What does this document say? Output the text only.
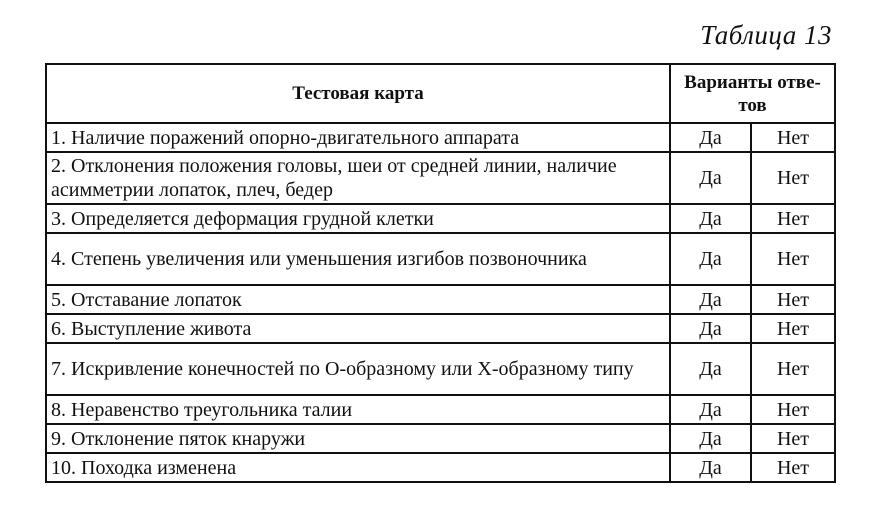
Таблица 13
Тестовая карта	Варианты отве-тов	
1. Наличие поражений опорно-двигательного аппарата	Да	Нет
2. Отклонения положения головы, шеи от средней линии, наличие асимметрии лопаток, плеч, бедер	Да	Нет
3. Определяется деформация грудной клетки	Да	Нет
4. Степень увеличения или уменьшения изгибов позвоночника	Да	Нет
5. Отставание лопаток	Да	Нет
6. Выступление живота	Да	Нет
7. Искривление конечностей по О-образному или Х-образному типу	Да	Нет
8. Неравенство треугольника талии	Да	Нет
9. Отклонение пяток кнаружи	Да	Нет
10. Походка изменена	Да	Нет
